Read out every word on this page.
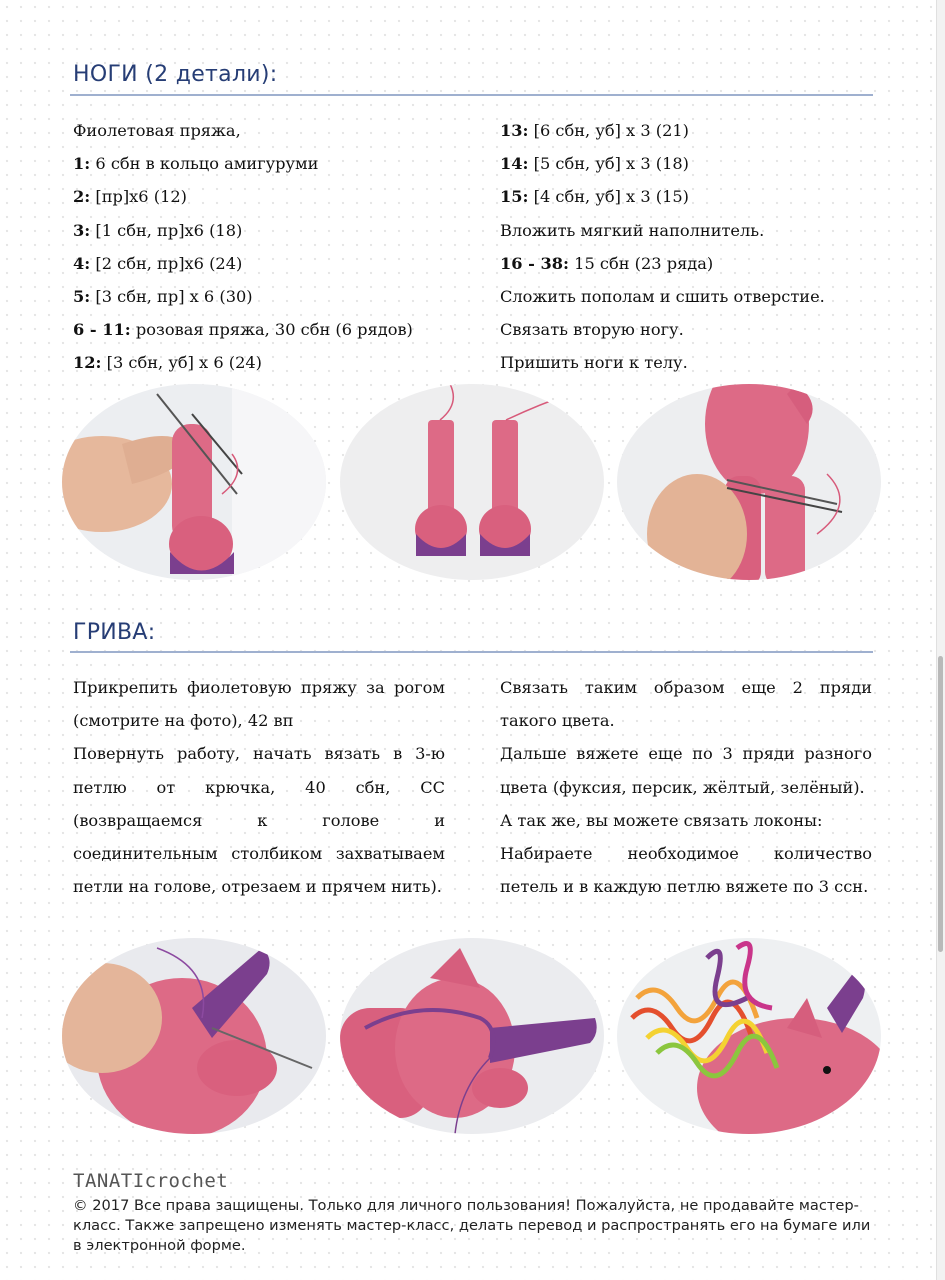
НОГИ (2 детали):

Фиолетовая пряжа,

1: 6 сбн в кольцо амигуруми

2: [пр]х6 (12)

3: [1 сбн, пр]х6 (18)

4: [2 сбн, пр]х6 (24)

5: [3 сбн, пр] х 6 (30)

6 - 11: розовая пряжа, 30 сбн (6 рядов)

12: [3 сбн, уб] х 6 (24)

13: [6 сбн, уб] х 3 (21)

14: [5 сбн, уб] х 3 (18)

15: [4 сбн, уб] х 3 (15)

Вложить мягкий наполнитель.

16 - 38: 15 сбн (23 ряда)

Сложить пополам и сшить отверстие.

Связать вторую ногу.

Пришить ноги к телу.

ГРИВА:

Прикрепить фиолетовую пряжу за рогом (смотрите на фото), 42 вп

Повернуть работу, начать вязать в 3-ю петлю от крючка, 40 сбн, СС (возвращаемся к голове и соединительным столбиком захватываем петли на голове, отрезаем и прячем нить).

Связать таким образом еще 2 пряди такого цвета.

Дальше вяжете еще по 3 пряди разного цвета (фуксия, персик, жёлтый, зелёный).

А так же, вы можете связать локоны:

Набираете необходимое количество петель и в каждую петлю вяжете по 3 ссн.

TANATIcrochet

© 2017 Все права защищены. Только для личного пользования! Пожалуйста, не продавайте мастер-класс. Также запрещено изменять мастер-класс, делать перевод и распространять его на бумаге или в электронной форме.
